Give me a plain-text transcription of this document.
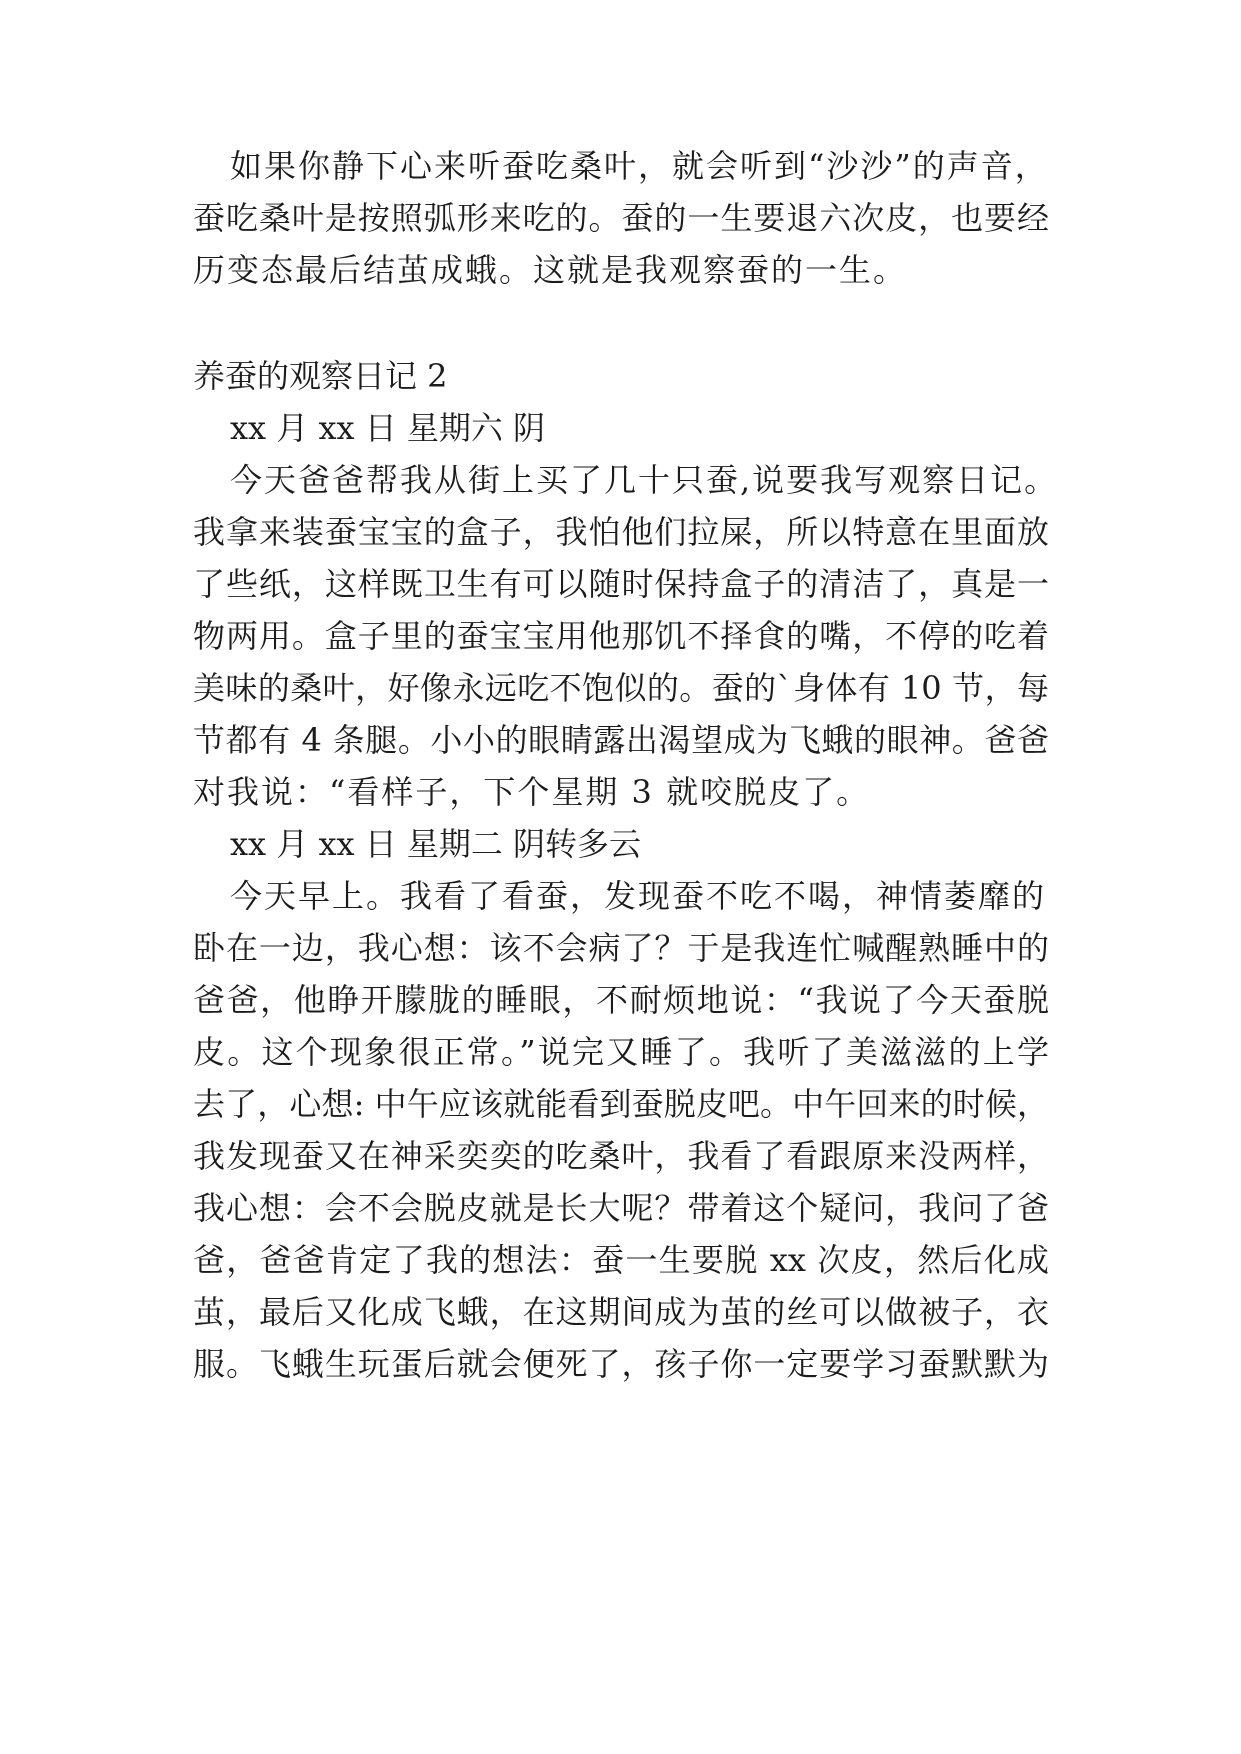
如果你静下心来听蚕吃桑叶，就会听到“沙沙”的声音，
蚕吃桑叶是按照弧形来吃的。蚕的一生要退六次皮，也要经
历变态最后结茧成蛾。这就是我观察蚕的一生。
养蚕的观察日记 2
xx 月 xx 日 星期六 阴
今天爸爸帮我从街上买了几十只蚕,说要我写观察日记。
我拿来装蚕宝宝的盒子，我怕他们拉屎，所以特意在里面放
了些纸，这样既卫生有可以随时保持盒子的清洁了，真是一
物两用。盒子里的蚕宝宝用他那饥不择食的嘴，不停的吃着
美味的桑叶，好像永远吃不饱似的。蚕的`身体有 10 节，每
节都有 4 条腿。小小的眼睛露出渴望成为飞蛾的眼神。爸爸
对我说：“看样子，下个星期 3 就咬脱皮了。
xx 月 xx 日 星期二 阴转多云
今天早上。我看了看蚕，发现蚕不吃不喝，神情萎靡的
卧在一边，我心想：该不会病了？于是我连忙喊醒熟睡中的
爸爸，他睁开朦胧的睡眼，不耐烦地说：“我说了今天蚕脱
皮。这个现象很正常。”说完又睡了。我听了美滋滋的上学
去了，心想: 中午应该就能看到蚕脱皮吧。中午回来的时候，
我发现蚕又在神采奕奕的吃桑叶，我看了看跟原来没两样，
我心想：会不会脱皮就是长大呢？带着这个疑问，我问了爸
爸，爸爸肯定了我的想法：蚕一生要脱 xx 次皮，然后化成
茧，最后又化成飞蛾，在这期间成为茧的丝可以做被子，衣
服。飞蛾生玩蛋后就会便死了，孩子你一定要学习蚕默默为
